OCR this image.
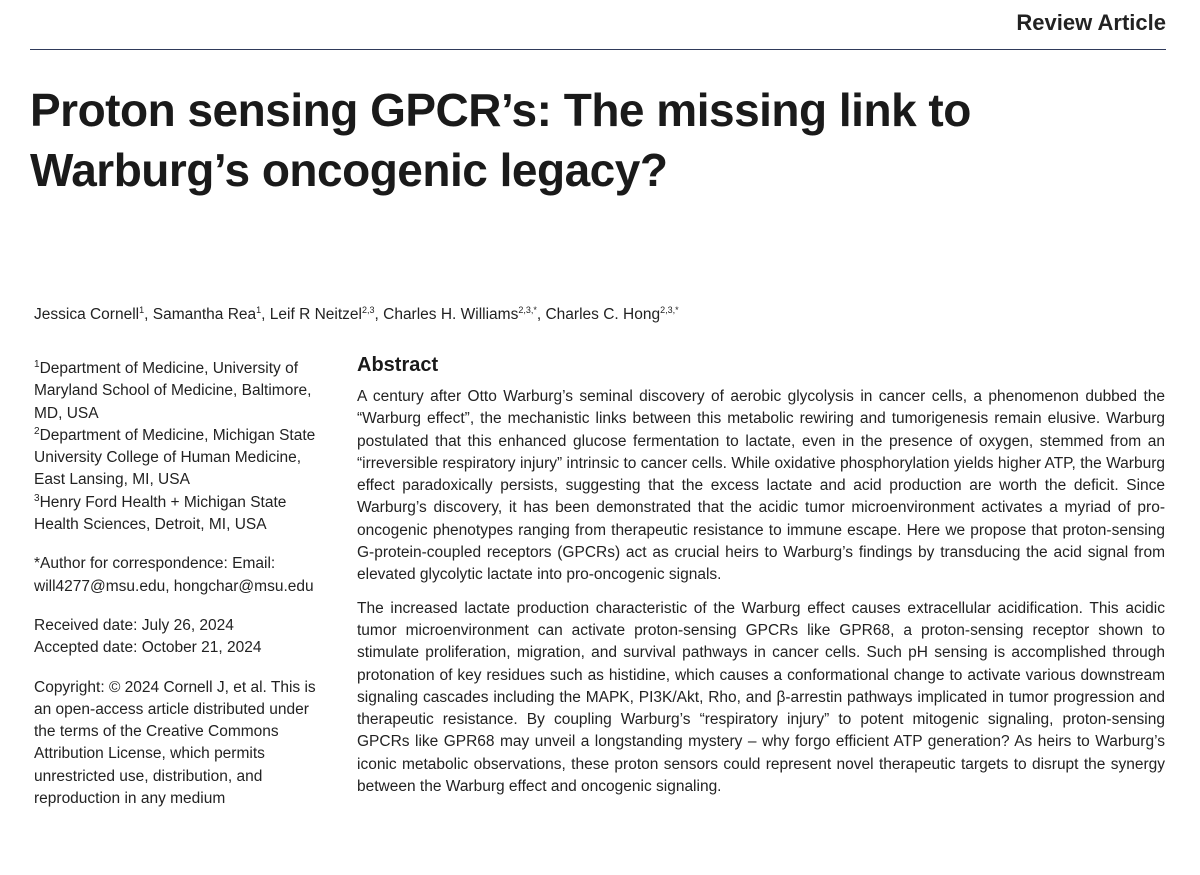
Review Article
Proton sensing GPCR’s: The missing link to
Warburg’s oncogenic legacy?
Jessica Cornell$^1$, Samantha Rea$^1$, Leif R Neitzel$^{2,3}$, Charles H. Williams$^{2,3,*}$, Charles C. Hong$^{2,3,*}$

$^1$Department of Medicine, University of Maryland School of Medicine, Baltimore, MD, USA

$^2$Department of Medicine, Michigan State University College of Human Medicine, East Lansing, MI, USA

$^3$Henry Ford Health + Michigan State Health Sciences, Detroit, MI, USA

*Author for correspondence: Email: will4277@msu.edu, hongchar@msu.edu

Received date: July 26, 2024

Accepted date: October 21, 2024

Copyright: © 2024 Cornell J, et al. This is an open-access article distributed under the terms of the Creative Commons Attribution License, which permits unrestricted use, distribution, and reproduction in any medium

Abstract

A century after Otto Warburg’s seminal discovery of aerobic glycolysis in cancer cells, a phenomenon dubbed the “Warburg effect”, the mechanistic links between this metabolic rewiring and tumorigenesis remain elusive. Warburg postulated that this enhanced glucose fermentation to lactate, even in the presence of oxygen, stemmed from an “irreversible respiratory injury” intrinsic to cancer cells. While oxidative phosphorylation yields higher ATP, the Warburg effect paradoxically persists, suggesting that the excess lactate and acid production are worth the deficit. Since Warburg’s discovery, it has been demonstrated that the acidic tumor microenvironment activates a myriad of pro-oncogenic phenotypes ranging from therapeutic resistance to immune escape. Here we propose that proton-sensing G-protein-coupled receptors (GPCRs) act as crucial heirs to Warburg’s findings by transducing the acid signal from elevated glycolytic lactate into pro-oncogenic signals.

The increased lactate production characteristic of the Warburg effect causes extracellular acidification. This acidic tumor microenvironment can activate proton-sensing GPCRs like GPR68, a proton-sensing receptor shown to stimulate proliferation, migration, and survival pathways in cancer cells. Such pH sensing is accomplished through protonation of key residues such as histidine, which causes a conformational change to activate various downstream signaling cascades including the MAPK, PI3K/Akt, Rho, and β-arrestin pathways implicated in tumor progression and therapeutic resistance. By coupling Warburg’s “respiratory injury” to potent mitogenic signaling, proton-sensing GPCRs like GPR68 may unveil a longstanding mystery – why forgo efficient ATP generation? As heirs to Warburg’s iconic metabolic observations, these proton sensors could represent novel therapeutic targets to disrupt the synergy between the Warburg effect and oncogenic signaling.
